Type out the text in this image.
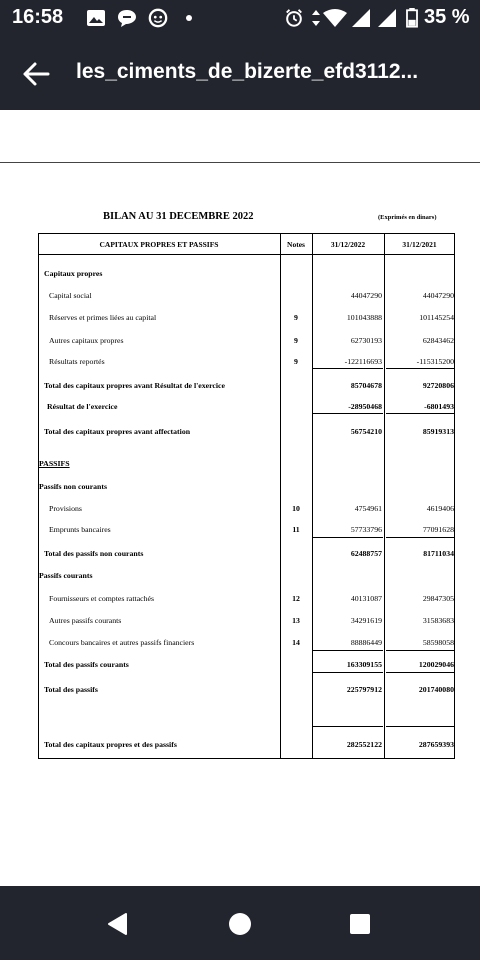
16:58	35 %
les_ciments_de_bizerte_efd3112...
BILAN AU 31 DECEMBRE 2022	(Exprimés en dinars)
CAPITAUX PROPRES ET PASSIFS	Notes	31/12/2022	31/12/2021
Capitaux propres
Capital social	44047290	44047290
Réserves et primes liées au capital	9	101043888	101145254
Autres capitaux propres	9	62730193	62843462
Résultats reportés	9	-122116693	-115315200
Total des capitaux propres avant Résultat de l'exercice	85704678	92720806
Résultat de l'exercice	-28950468	-6801493
Total des capitaux propres avant affectation	56754210	85919313
PASSIFS
Passifs non courants
Provisions	10	4754961	4619406
Emprunts bancaires	11	57733796	77091628
Total des passifs non courants	62488757	81711034
Passifs courants
Fournisseurs et comptes rattachés	12	40131087	29847305
Autres passifs courants	13	34291619	31583683
Concours bancaires et autres passifs financiers	14	88886449	58598058
Total des passifs courants	163309155	120029046
Total des passifs	225797912	201740080
Total des capitaux propres et des passifs	282552122	287659393
